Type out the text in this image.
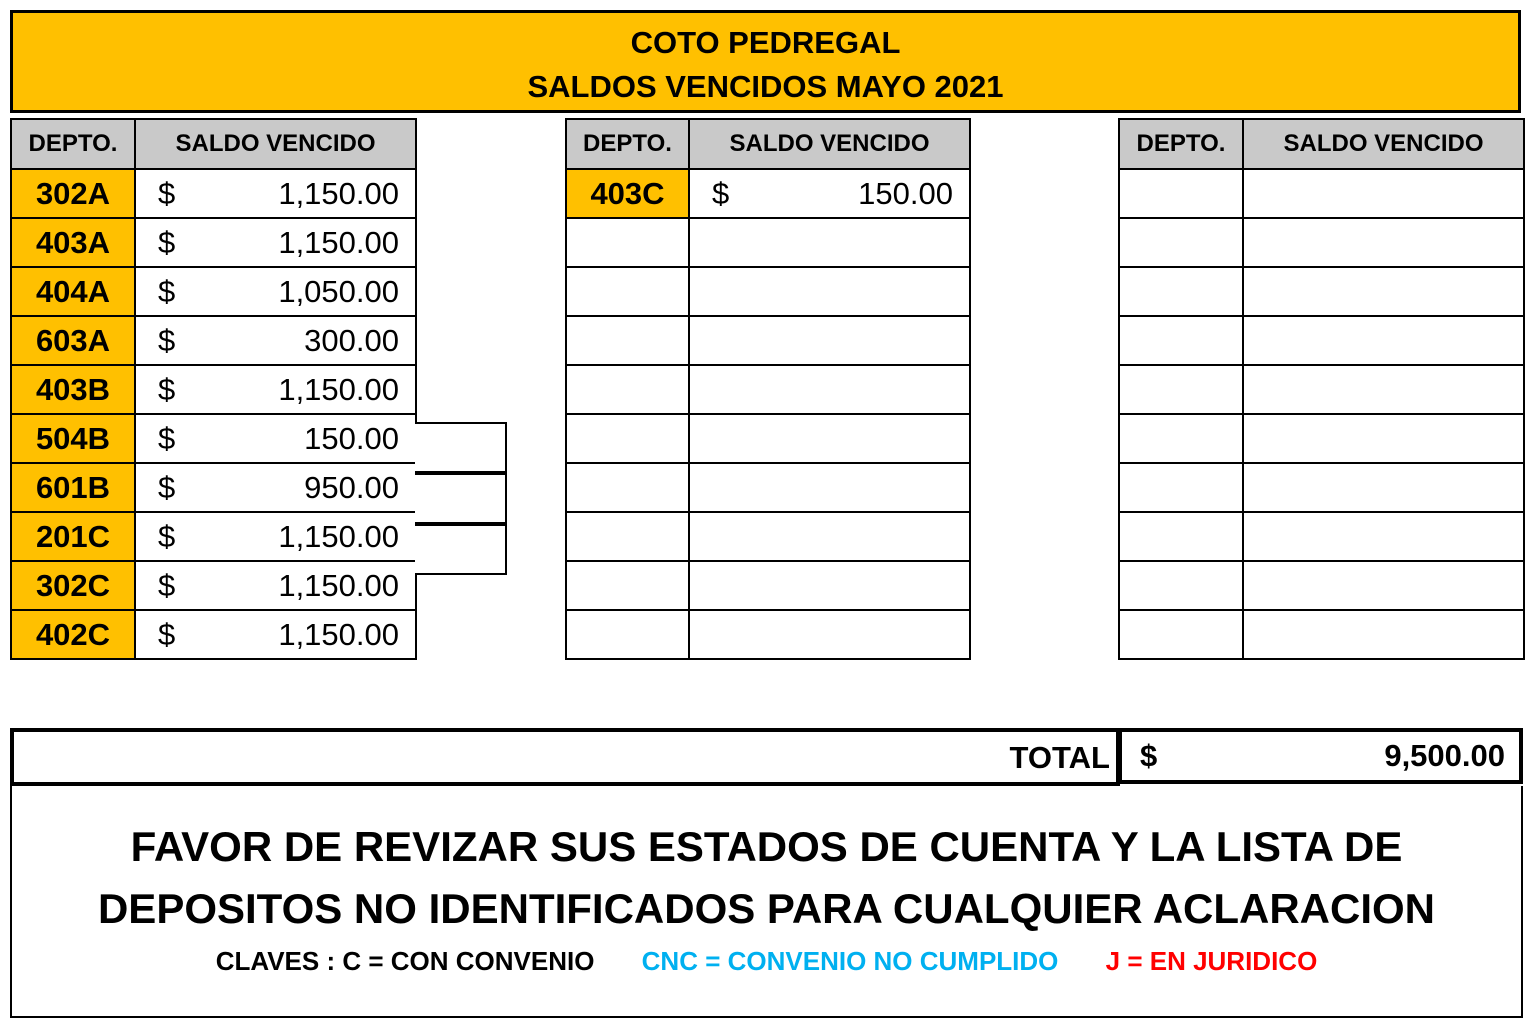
COTO PEDREGAL
SALDOS VENCIDOS MAYO 2021
DEPTO.	SALDO VENCIDO
302A	$ 1,150.00

403A	$ 1,150.00

404A	$ 1,050.00

603A	$ 300.00

403B	$ 1,150.00

504B	$ 150.00

601B	$ 950.00

201C	$ 1,150.00

302C	$ 1,150.00

402C	$ 1,150.00
DEPTO.	SALDO VENCIDO
403C	$ 150.00

DEPTO.	SALDO VENCIDO

TOTAL $	9,500.00
FAVOR DE REVIZAR SUS ESTADOS DE CUENTA Y LA LISTA DE
DEPOSITOS NO IDENTIFICADOS PARA CUALQUIER ACLARACION
CLAVES : C = CON CONVENIO CNC = CONVENIO NO CUMPLIDO J = EN JURIDICO
